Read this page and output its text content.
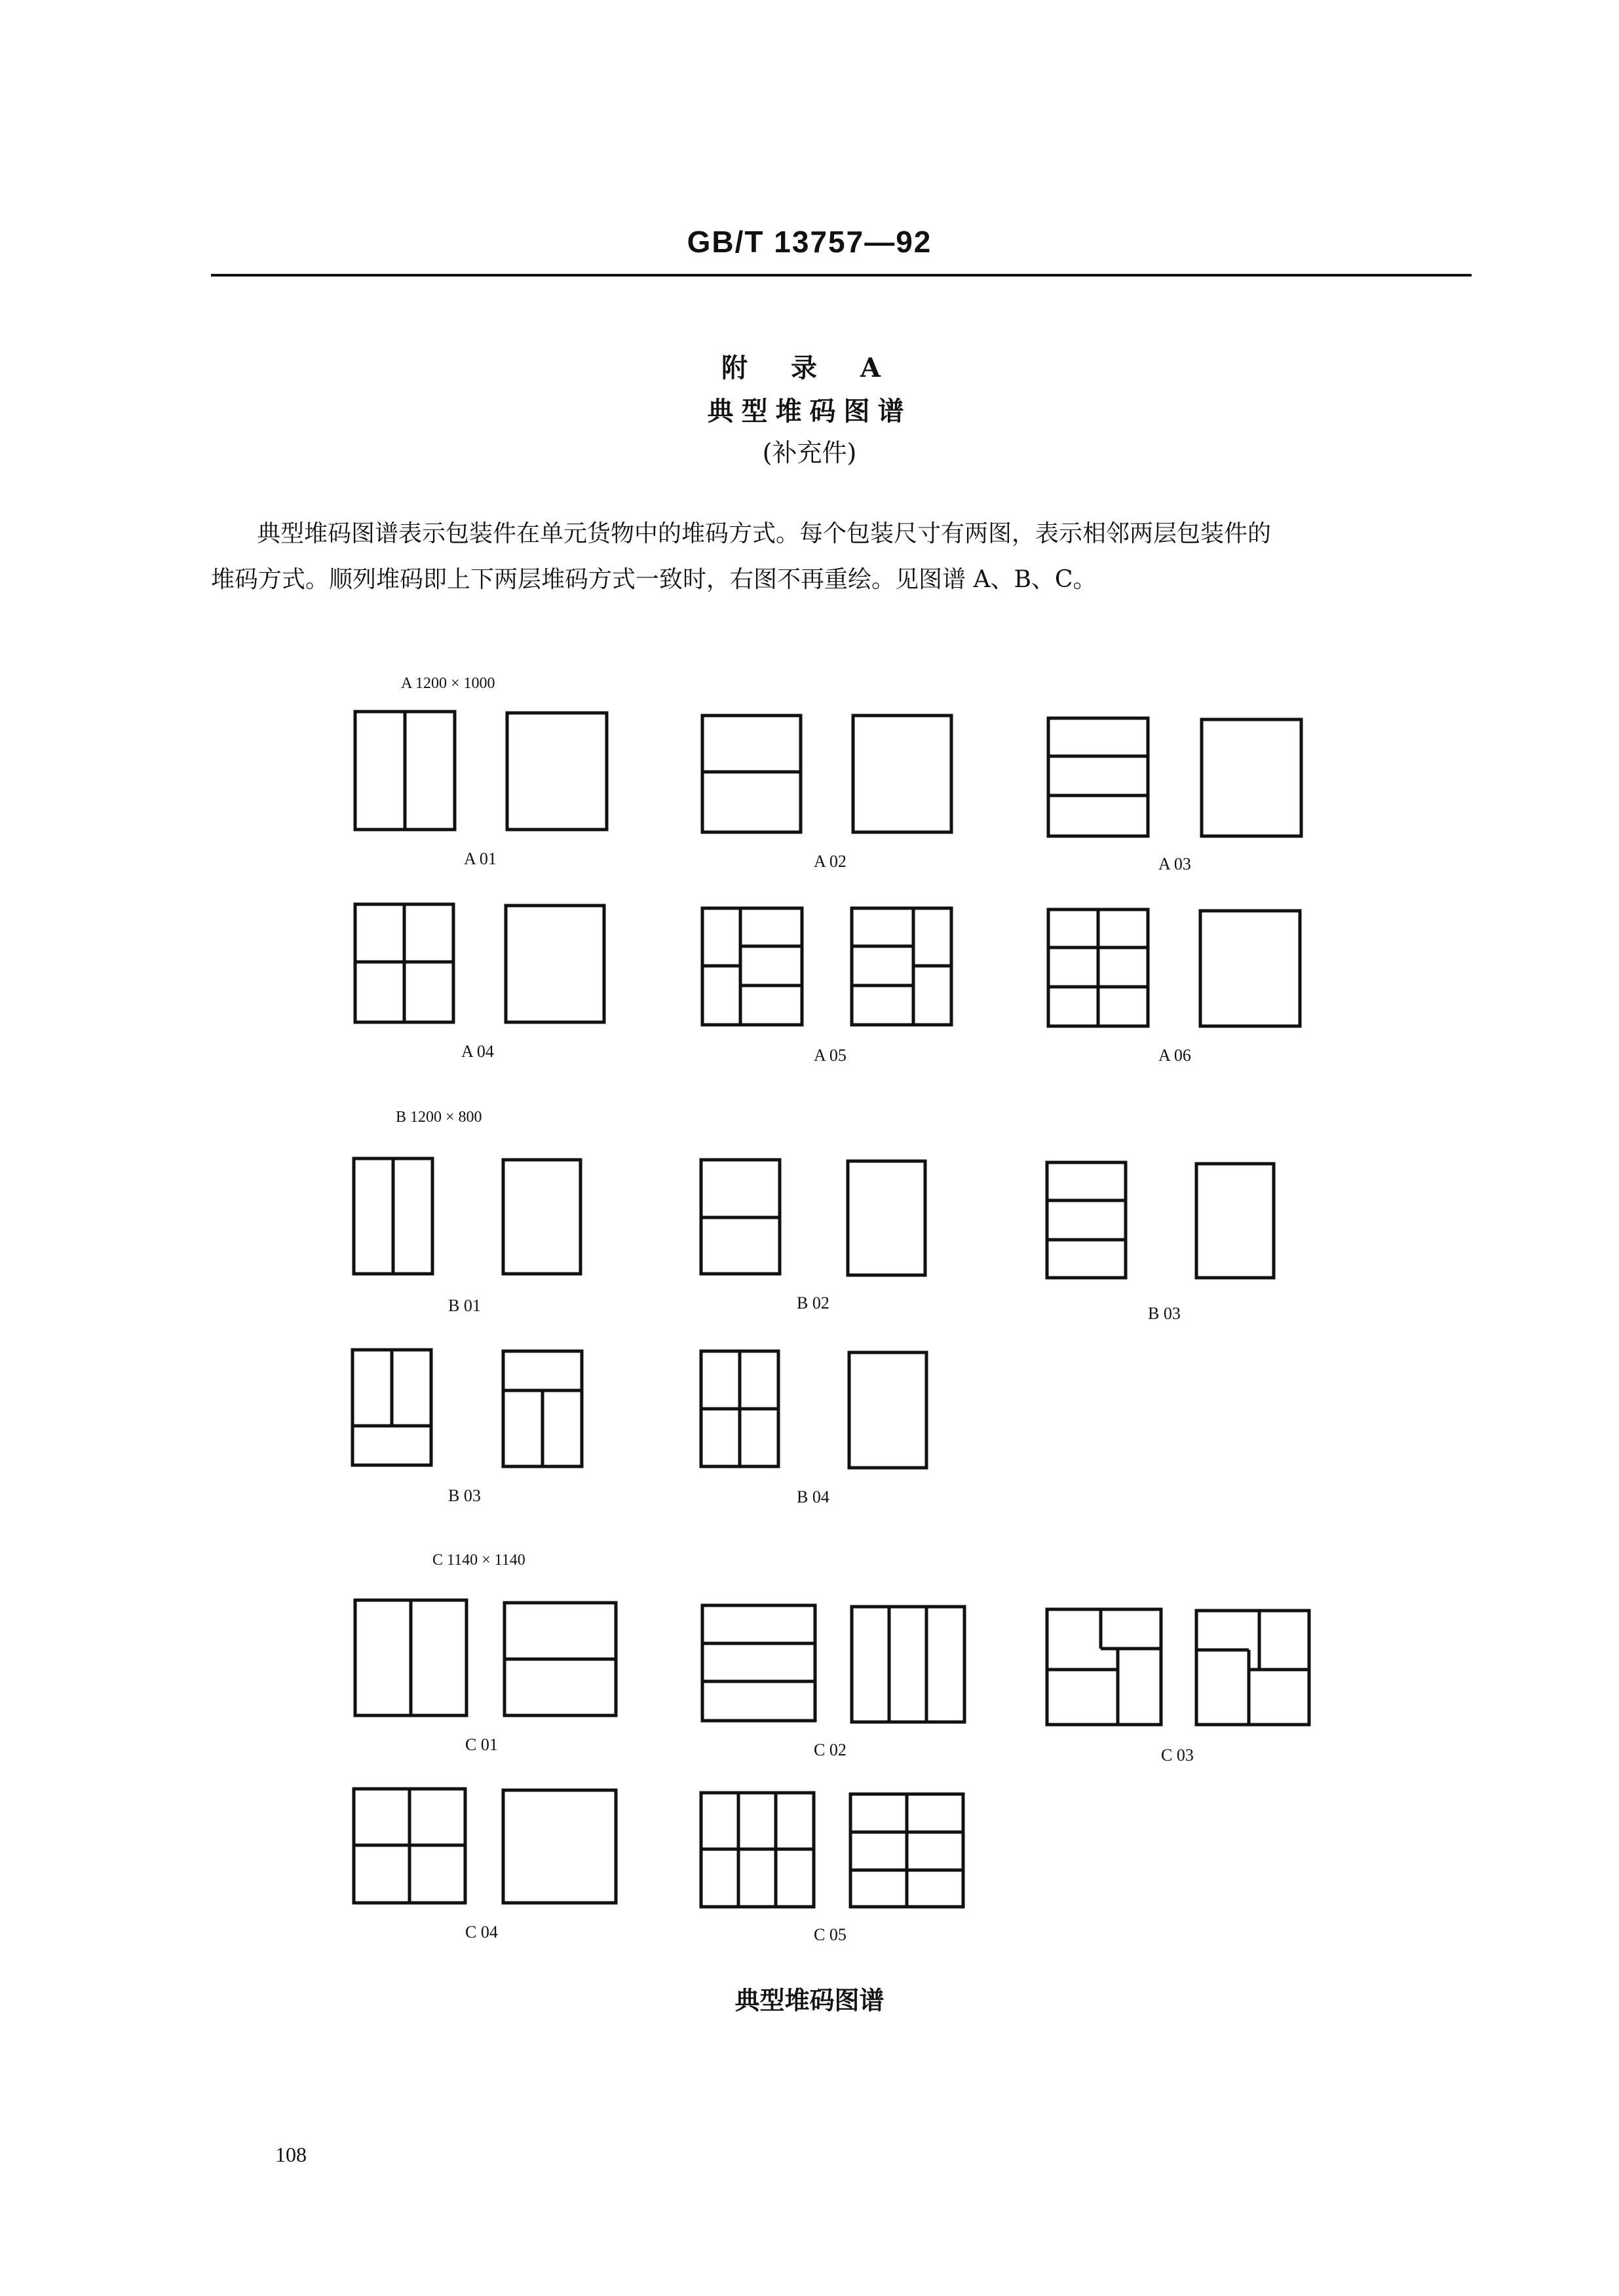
GB/T 13757—92
附 录 A
典型堆码图谱
(补充件)
典型堆码图谱表示包装件在单元货物中的堆码方式。每个包装尺寸有两图，表示相邻两层包装件的
堆码方式。顺列堆码即上下两层堆码方式一致时，右图不再重绘。见图谱 A、B、C。
A 1200 × 1000
B 1200 × 800
C 1140 × 1140
A 01	A 02	A 03
A 04	A 05	A 06
B 01	B 02
B 03
B 03	B 04
C 01	C 02	C 03
C 04	C 05
典型堆码图谱
108
